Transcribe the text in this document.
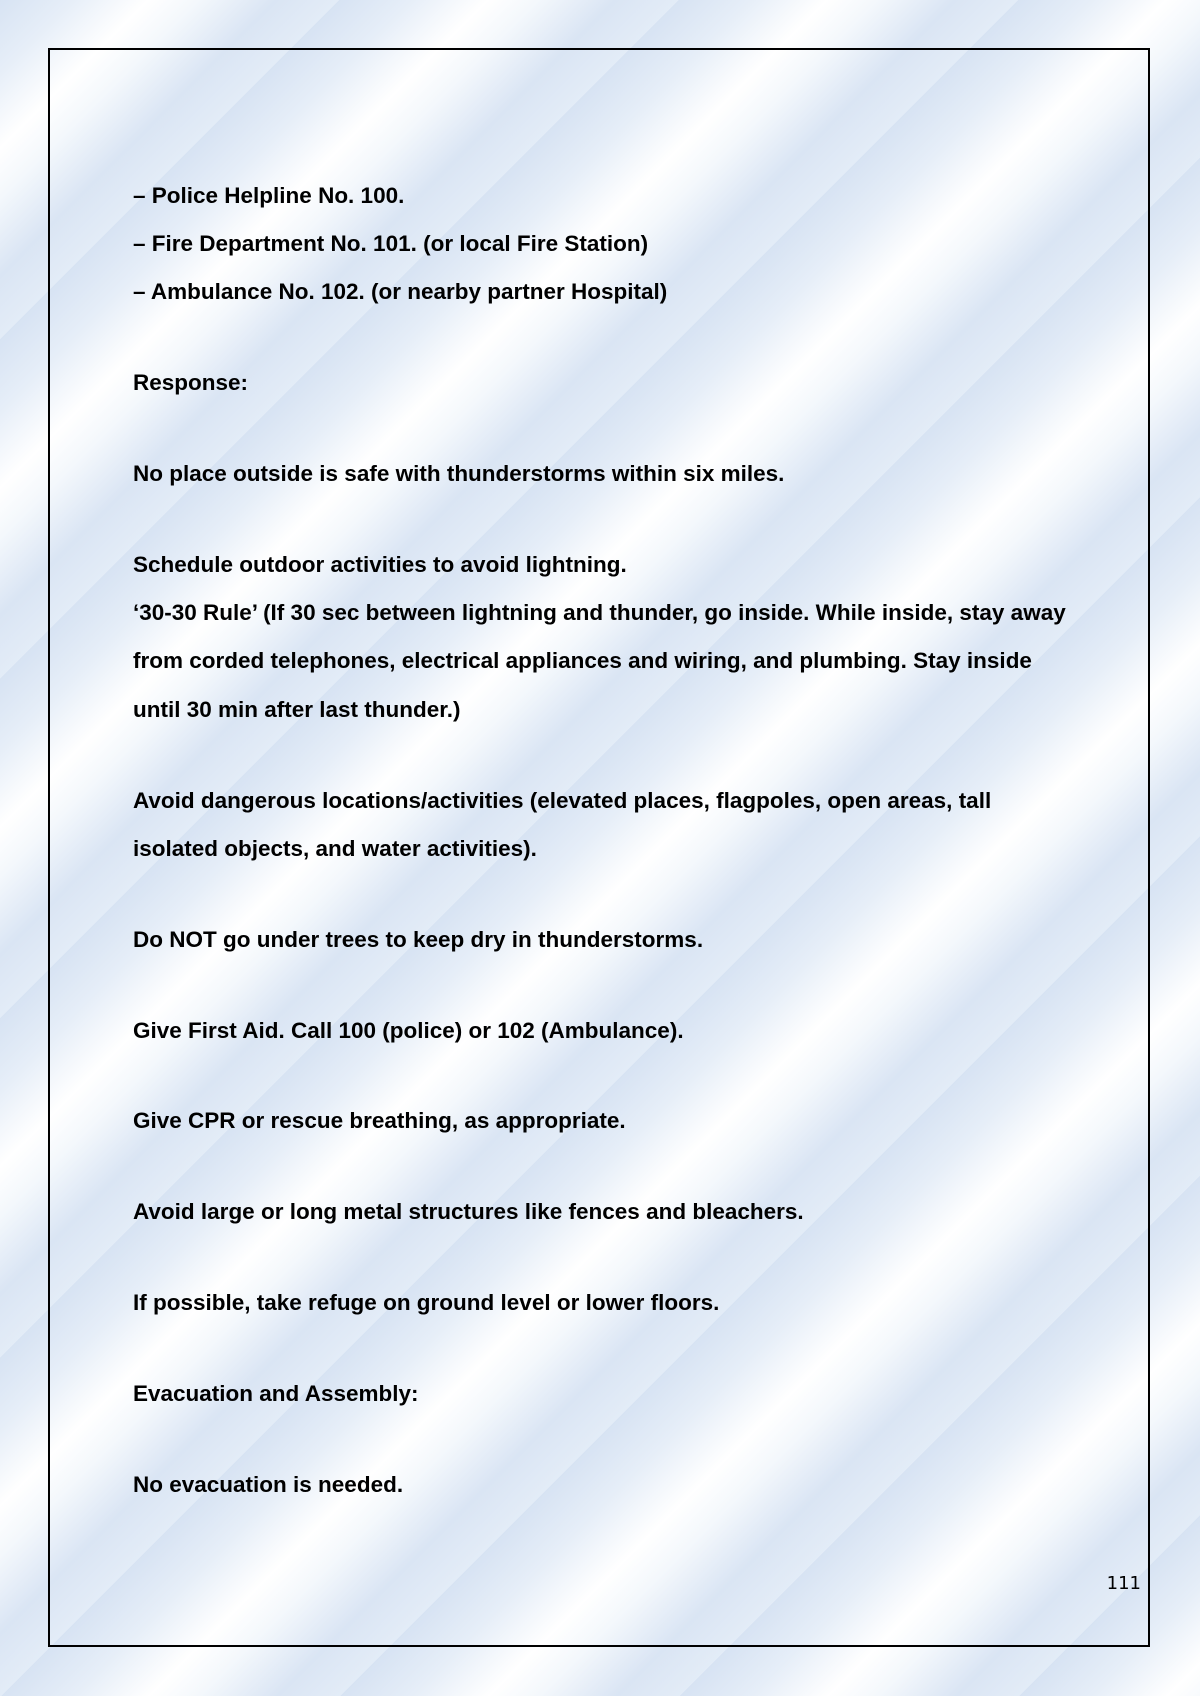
– Police Helpline No. 100.

– Fire Department No. 101. (or local Fire Station)

– Ambulance No. 102. (or nearby partner Hospital)

Response:

No place outside is safe with thunderstorms within six miles.

Schedule outdoor activities to avoid lightning.

‘30-30 Rule’ (If 30 sec between lightning and thunder, go inside. While inside, stay away

from corded telephones, electrical appliances and wiring, and plumbing. Stay inside

until 30 min after last thunder.)

Avoid dangerous locations/activities (elevated places, flagpoles, open areas, tall

isolated objects, and water activities).

Do NOT go under trees to keep dry in thunderstorms.

Give First Aid. Call 100 (police) or 102 (Ambulance).

Give CPR or rescue breathing, as appropriate.

Avoid large or long metal structures like fences and bleachers.

If possible, take refuge on ground level or lower floors.

Evacuation and Assembly:

No evacuation is needed.

111
